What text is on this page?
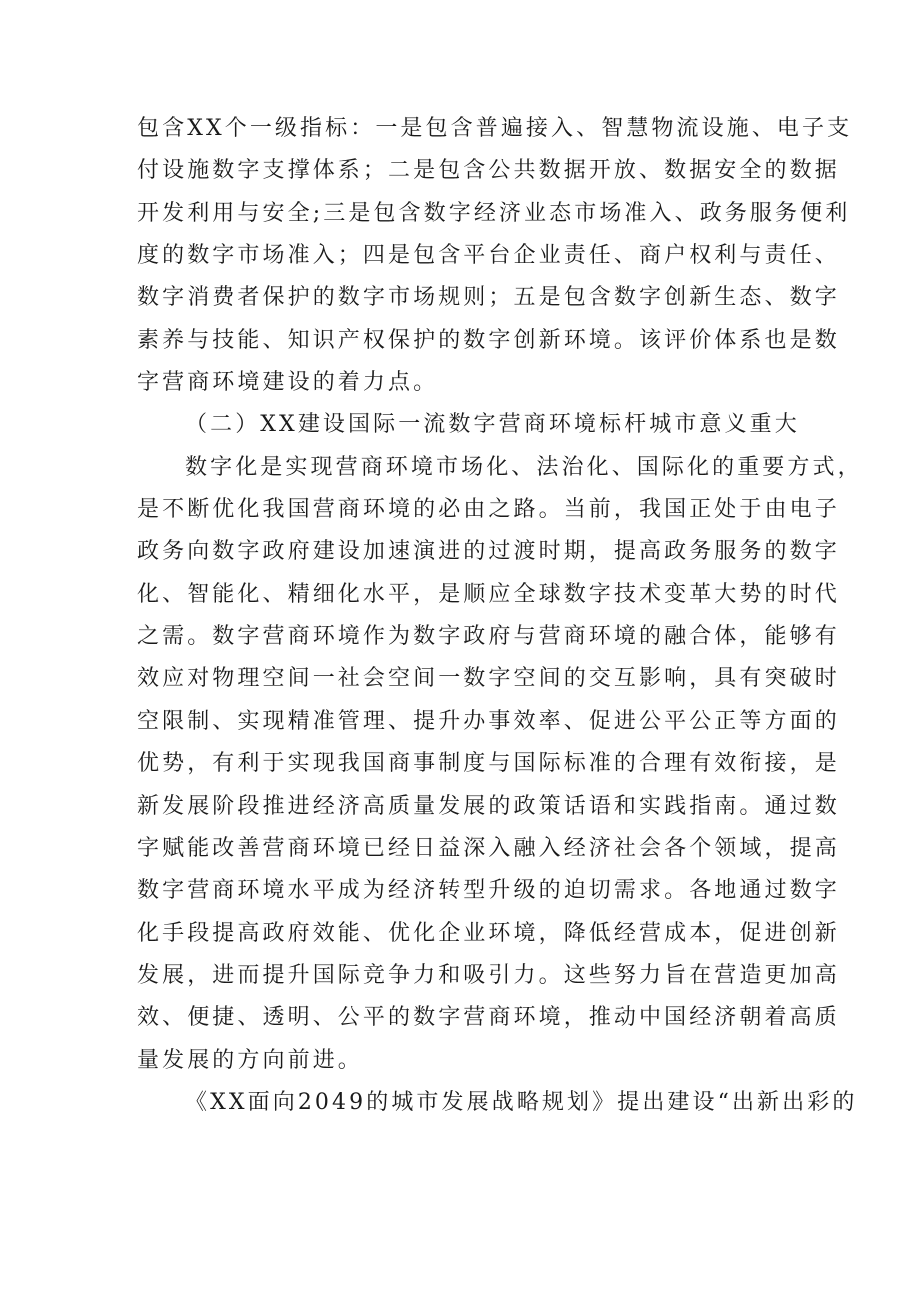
包含XX个一级指标：一是包含普遍接入、智慧物流设施、电子支
付设施数字支撑体系；二是包含公共数据开放、数据安全的数据
开发利用与安全;三是包含数字经济业态市场准入、政务服务便利
度的数字市场准入；四是包含平台企业责任、商户权利与责任、
数字消费者保护的数字市场规则；五是包含数字创新生态、数字
素养与技能、知识产权保护的数字创新环境。该评价体系也是数
字营商环境建设的着力点。
（二）XX建设国际一流数字营商环境标杆城市意义重大
数字化是实现营商环境市场化、法治化、国际化的重要方式，
是不断优化我国营商环境的必由之路。当前，我国正处于由电子
政务向数字政府建设加速演进的过渡时期，提高政务服务的数字
化、智能化、精细化水平，是顺应全球数字技术变革大势的时代
之需。数字营商环境作为数字政府与营商环境的融合体，能够有
效应对物理空间一社会空间一数字空间的交互影响，具有突破时
空限制、实现精准管理、提升办事效率、促进公平公正等方面的
优势，有利于实现我国商事制度与国际标准的合理有效衔接，是
新发展阶段推进经济高质量发展的政策话语和实践指南。通过数
字赋能改善营商环境已经日益深入融入经济社会各个领域，提高
数字营商环境水平成为经济转型升级的迫切需求。各地通过数字
化手段提高政府效能、优化企业环境，降低经营成本，促进创新
发展，进而提升国际竞争力和吸引力。这些努力旨在营造更加高
效、便捷、透明、公平的数字营商环境，推动中国经济朝着高质
量发展的方向前进。
《XX面向2049的城市发展战略规划》提出建设“出新出彩的
